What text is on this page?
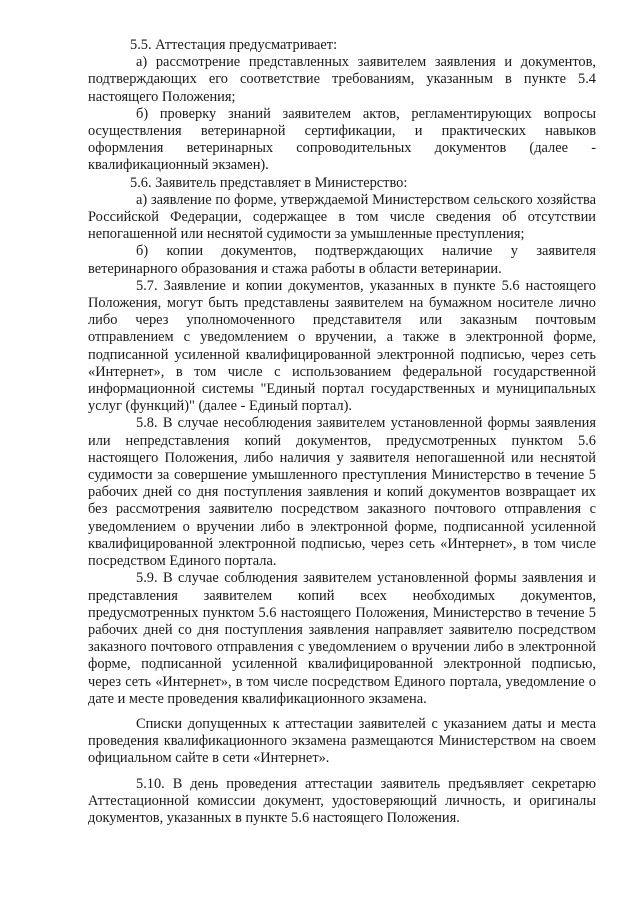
5.5. Аттестация предусматривает:

а) рассмотрение представленных заявителем заявления и документов, подтверждающих его соответствие требованиям, указанным в пункте 5.4 настоящего Положения;

б) проверку знаний заявителем актов, регламентирующих вопросы осуществления ветеринарной сертификации, и практических навыков оформления ветеринарных сопроводительных документов (далее - квалификационный экзамен).

5.6. Заявитель представляет в Министерство:

а) заявление по форме, утверждаемой Министерством сельского хозяйства Российской Федерации, содержащее в том числе сведения об отсутствии непогашенной или неснятой судимости за умышленные преступления;

б) копии документов, подтверждающих наличие у заявителя ветеринарного образования и стажа работы в области ветеринарии.

5.7. Заявление и копии документов, указанных в пункте 5.6 настоящего Положения, могут быть представлены заявителем на бумажном носителе лично либо через уполномоченного представителя или заказным почтовым отправлением с уведомлением о вручении, а также в электронной форме, подписанной усиленной квалифицированной электронной подписью, через сеть «Интернет», в том числе с использованием федеральной государственной информационной системы "Единый портал государственных и муниципальных услуг (функций)" (далее - Единый портал).

5.8. В случае несоблюдения заявителем установленной формы заявления или непредставления копий документов, предусмотренных пунктом 5.6 настоящего Положения, либо наличия у заявителя непогашенной или неснятой судимости за совершение умышленного преступления Министерство в течение 5 рабочих дней со дня поступления заявления и копий документов возвращает их без рассмотрения заявителю посредством заказного почтового отправления с уведомлением о вручении либо в электронной форме, подписанной усиленной квалифицированной электронной подписью, через сеть «Интернет», в том числе посредством Единого портала.

5.9. В случае соблюдения заявителем установленной формы заявления и представления заявителем копий всех необходимых документов, предусмотренных пунктом 5.6 настоящего Положения, Министерство в течение 5 рабочих дней со дня поступления заявления направляет заявителю посредством заказного почтового отправления с уведомлением о вручении либо в электронной форме, подписанной усиленной квалифицированной электронной подписью, через сеть «Интернет», в том числе посредством Единого портала, уведомление о дате и месте проведения квалификационного экзамена.

Списки допущенных к аттестации заявителей с указанием даты и места проведения квалификационного экзамена размещаются Министерством на своем официальном сайте в сети «Интернет».

5.10. В день проведения аттестации заявитель предъявляет секретарю Аттестационной комиссии документ, удостоверяющий личность, и оригиналы документов, указанных в пункте 5.6 настоящего Положения.
